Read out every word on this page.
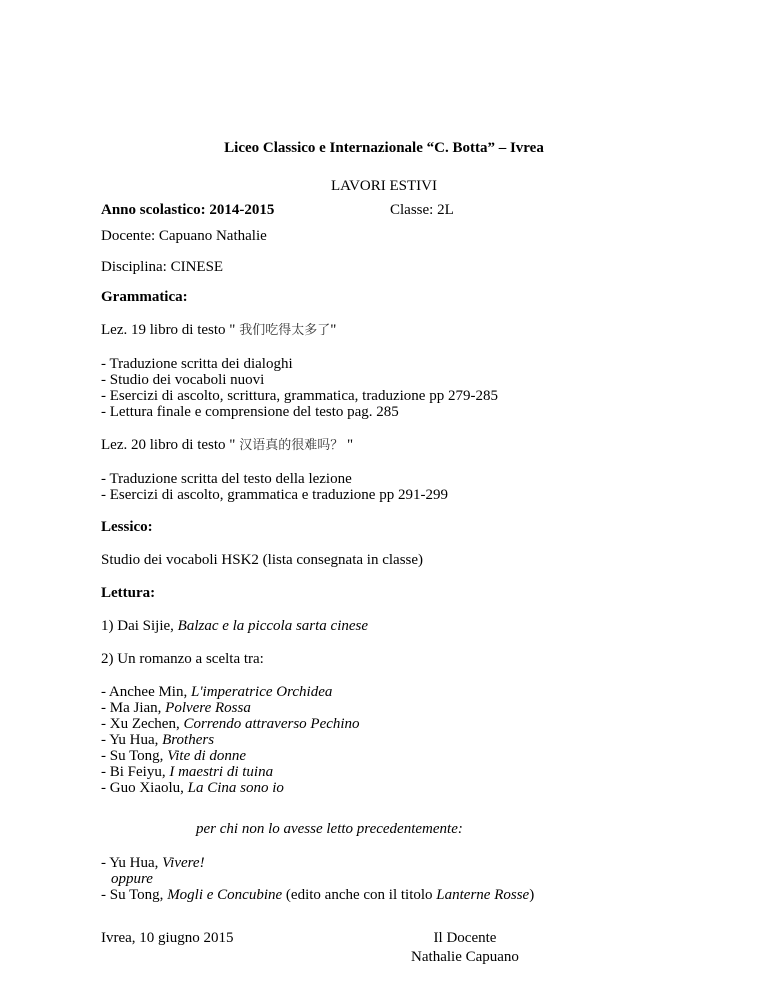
Liceo Classico e Internazionale “C. Botta” – Ivrea
LAVORI ESTIVI
Anno scolastico: 2014-2015	Classe: 2L
Docente: Capuano Nathalie
Disciplina: CINESE
Grammatica:
Lez. 19 libro di testo " 我们吃得太多了"
- Traduzione scritta dei dialoghi
- Studio dei vocaboli nuovi
- Esercizi di ascolto, scrittura, grammatica, traduzione pp 279-285
- Lettura finale e comprensione del testo pag. 285
Lez. 20 libro di testo " 汉语真的很难吗？ "
- Traduzione scritta del testo della lezione
- Esercizi di ascolto, grammatica e traduzione pp 291-299
Lessico:
Studio dei vocaboli HSK2 (lista consegnata in classe)
Lettura:
1) Dai Sijie, Balzac e la piccola sarta cinese
2) Un romanzo a scelta tra:
- Anchee Min, L'imperatrice Orchidea
- Ma Jian, Polvere Rossa
- Xu Zechen, Correndo attraverso Pechino
- Yu Hua, Brothers
- Su Tong, Vite di donne
- Bi Feiyu, I maestri di tuina
- Guo Xiaolu, La Cina sono io
per chi non lo avesse letto precedentemente:
- Yu Hua, Vivere!
oppure
- Su Tong, Mogli e Concubine (edito anche con il titolo Lanterne Rosse)
Ivrea, 10 giugno 2015	Il Docente
Nathalie Capuano
